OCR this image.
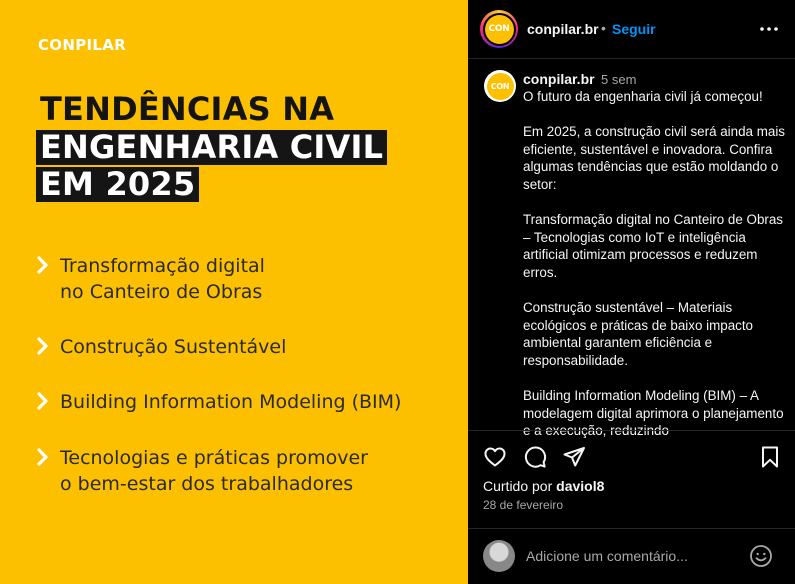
CONPILAR
TENDÊNCIAS NA
ENGENHARIA CIVIL
EM 2025
Transformação digital
no Canteiro de Obras
Construção Sustentável
Building Information Modeling (BIM)
Tecnologias e práticas promover
o bem-estar dos trabalhadores
CON conpilar.br • Seguir
CON conpilar.br 5 sem
O futuro da engenharia civil já começou!

Em 2025, a construção civil será ainda mais eficiente, sustentável e inovadora. Confira algumas tendências que estão moldando o setor:

Transformação digital no Canteiro de Obras – Tecnologias como IoT e inteligência artificial otimizam processos e reduzem erros.

Construção sustentável – Materiais ecológicos e práticas de baixo impacto ambiental garantem eficiência e responsabilidade.

Building Information Modeling (BIM) – A modelagem digital aprimora o planejamento e a execução, reduzindo
Curtido por daviol8
28 de fevereiro
Adicione um comentário...
